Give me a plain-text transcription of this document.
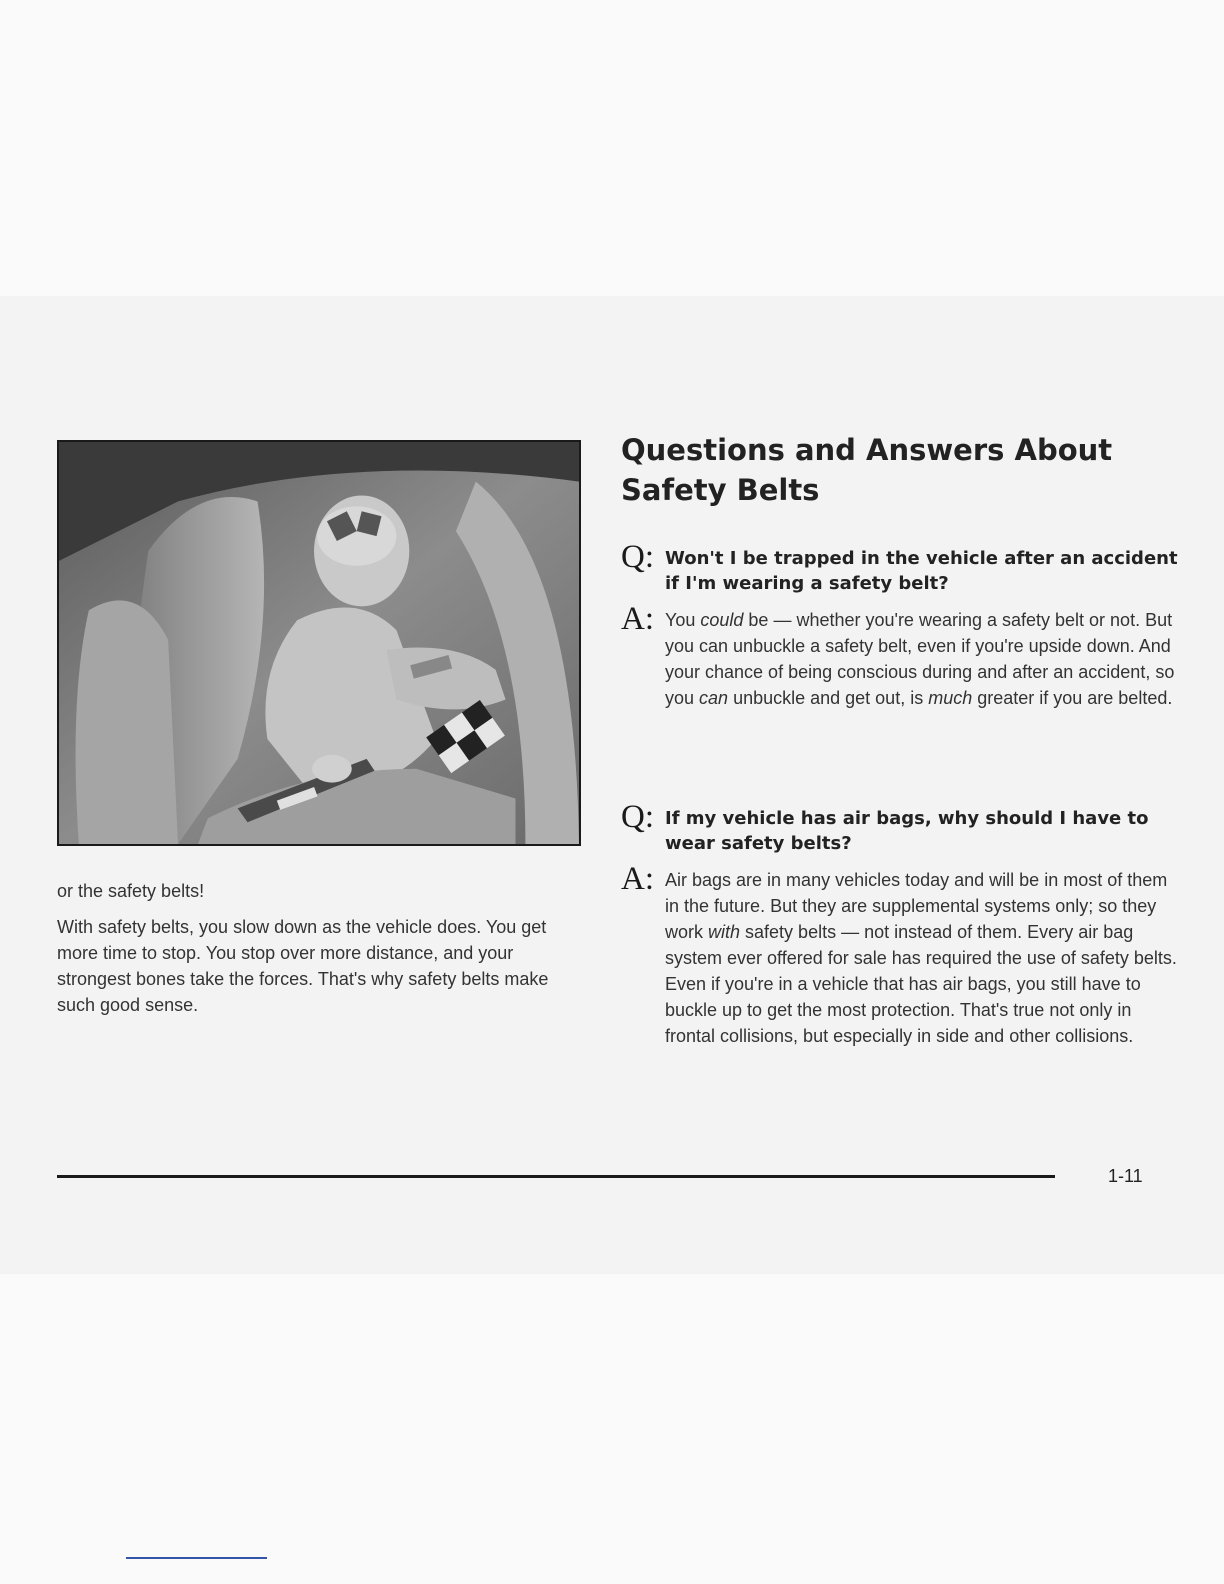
or the safety belts!

With safety belts, you slow down as the vehicle does. You get more time to stop. You stop over more distance, and your strongest bones take the forces. That's why safety belts make such good sense.

Questions and Answers About Safety Belts
Q: Won't I be trapped in the vehicle after an accident if I'm wearing a safety belt?

A: You could be — whether you're wearing a safety belt or not. But you can unbuckle a safety belt, even if you're upside down. And your chance of being conscious during and after an accident, so you can unbuckle and get out, is much greater if you are belted.

Q: If my vehicle has air bags, why should I have to wear safety belts?

A: Air bags are in many vehicles today and will be in most of them in the future. But they are supplemental systems only; so they work with safety belts — not instead of them. Every air bag system ever offered for sale has required the use of safety belts. Even if you're in a vehicle that has air bags, you still have to buckle up to get the most protection. That's true not only in frontal collisions, but especially in side and other collisions.

1-11
